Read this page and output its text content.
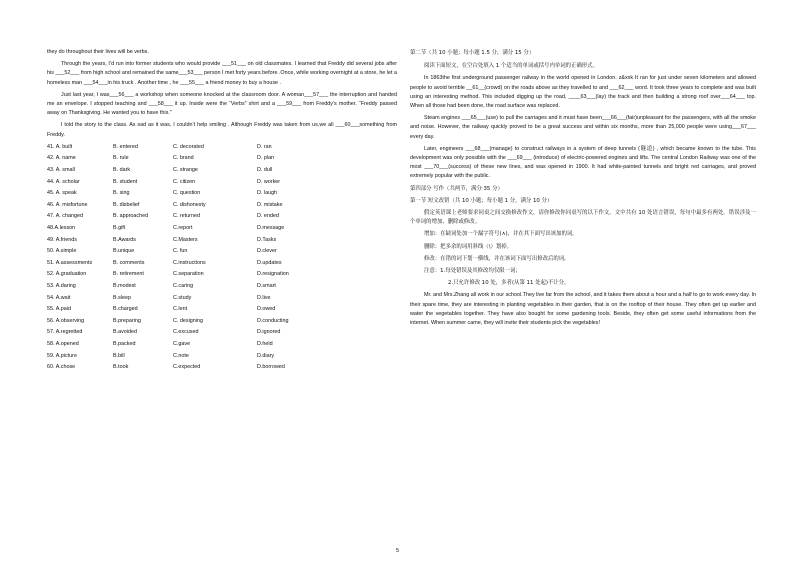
they do throughout their lives will be verbs.

Through the years, I’d run into former students who would provide ___51___ on old classmates. I learned that Freddy did several jobs after his ___52___ from high school and remained the same___53___ person I met forty years before .Once, while working overnight at a store, he let a homeless man ___54___in his truck . Another time , he ___55___ a friend money to buy a house .

Just last year, I was___56___ a workshop when someone knocked at the classroom door. A woman___57___ the interruption and handed me an envelope. I stopped teaching and ___58___ it up. Inside were the “Verbs” shirt and a ___59___ from Freddy’s mother. “Freddy passed away on Thanksgiving. He wanted you to have this.”

I told the story to the class. As sad as it was, I couldn’t help smiling . Although Freddy was taken from us,we all ___60___something from Freddy.

41. A. built	B. entered	C. decorated	D. ran
42. A. name	B. rule	C. brand	D. plan
43. A. small	B. dark	C. strange	D. dull
44. A. scholar	B. student	C. citizen	D. worker
45. A. speak	B. sing	C. question	D. laugh
46. A. misfortune	B. disbelief	C. dishonesty	D. mistake
47. A. changed	B. approached	C. returned	D. ended
48.A.lesson	B.gift	C.report	D.message
49. A.friends	B.Awards	C.Masters	D.Tasks
50. A.simple	B.unique	C. fun	D.clever
51. A.assessments	B. comments	C.instructions	D.updates
52. A.graduation	B. retirement	C.separation	D.resignation
53. A.daring	B.modest	C.caring	D.smart
54. A.wait	B.sleep	C.study	D.live
55. A.paid	B.charged	C.lent	D.owed
56. A.observing	B.preparing	C. designing	D.conducting
57. A.regretted	B.avoided	C.excused	D.ignored
58. A.opened	B.packed	C.gave	D.held
59. A.picture	B.bill	C.note	D.diary
60. A.chose	B.took	C.expected	D.borrowed

第二节（共 10 小题；每小题 1.5 分，满分 15 分）

阅读下面短文，在空白处填入 1 个适当的单词或括号内单词的正确形式。

In 1863the first underground passenger railway in the world opened in London. z&xxk It ran for just under seven kilometers and allowed people to avoid terrible __61__(crowd) on the roads above as they travelled to and ___62___ word. It took three years to complete and was built using an interesting method. This included digging up the road, ____63___(lay) the track and then building a strong roof over___64___ top. When all those had been done, the road surface was replaced.

Steam engines ___65___(use) to pull the carriages and it must have been___66___(fair)unpleasant for the passengers, with all the smoke and noise. However, the railway quickly proved to be a great success and within six months, more than 25,000 people were using___67___ every day.

Later, engineers ___68___(manage) to construct railways in a system of deep tunnels (隧道) , which became known to the tube. This development was only possible with the ___69___ (introduce) of electric-powered engines and lifts. The central London Railway was one of the most ___70___(success) of these new lines, and was opened in 1900. It had white-painted tunnels and bright red carriages, and proved extremely popular with the public.

第四部分 写作（共两节，满分 35 分）

第一节 短文改错（共 10 小题；每小题 1 分，满分 10 分）

假定英语课上老师要求同桌之间交换修改作文，请你修改你同桌写的以下作文。文中共有 10 处语言错误，每句中最多有两处。错误涉及一个单词的增加、删除或修改。

增加：在缺词处加一个漏字符号(∧)，并在其下面写出该加的词。

删除：把多余的词用斜线（\）划掉。

修改：在错的词下划一横线，并在该词下面写出修改后的词。

注意：1.每处错误及其修改均仅限一词；

2.只允许修改 10 处，多者(从第 11 处起)不计分。

Mr. and Mrs.Zhang all work in our school.They live far from the school, and it takes them about a hour and a half to go to work every day. In their spare time, they are interesting in planting vegetables in their garden, that is on the rooftop of their house. They often get up earlier and water the vegetables together. They have also bought for some gardening tools. Beside, they often get some useful informations from the internet. When summer came, they will invite their students pick the vegetables!

5
